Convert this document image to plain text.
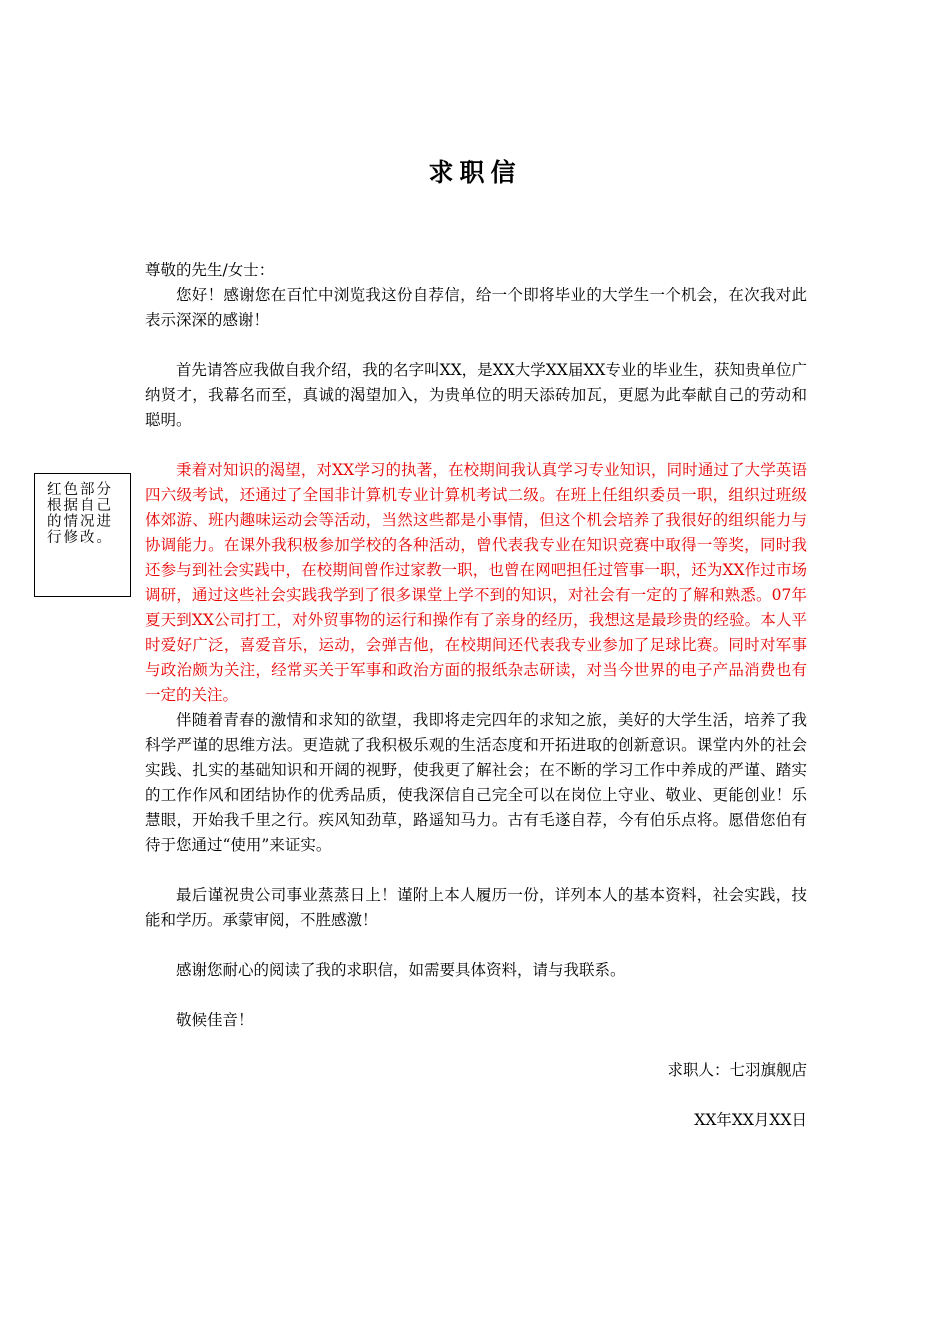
求职信
红色部分根据自己的情况进行修改。

尊敬的先生/女士：

您好！感谢您在百忙中浏览我这份自荐信，给一个即将毕业的大学生一个机会，在次我对此表示深深的感谢！

首先请答应我做自我介绍，我的名字叫XX，是XX大学XX届XX专业的毕业生，获知贵单位广纳贤才，我幕名而至，真诚的渴望加入，为贵单位的明天添砖加瓦，更愿为此奉献自己的劳动和聪明。

秉着对知识的渴望，对XX学习的执著，在校期间我认真学习专业知识，同时通过了大学英语四六级考试，还通过了全国非计算机专业计算机考试二级。在班上任组织委员一职，组织过班级体郊游、班内趣味运动会等活动，当然这些都是小事情，但这个机会培养了我很好的组织能力与协调能力。在课外我积极参加学校的各种活动，曾代表我专业在知识竞赛中取得一等奖，同时我还参与到社会实践中，在校期间曾作过家教一职，也曾在网吧担任过管事一职，还为XX作过市场调研，通过这些社会实践我学到了很多课堂上学不到的知识，对社会有一定的了解和熟悉。07年夏天到XX公司打工，对外贸事物的运行和操作有了亲身的经历，我想这是最珍贵的经验。本人平时爱好广泛，喜爱音乐，运动，会弹吉他，在校期间还代表我专业参加了足球比赛。同时对军事与政治颇为关注，经常买关于军事和政治方面的报纸杂志研读，对当今世界的电子产品消费也有一定的关注。

伴随着青春的激情和求知的欲望，我即将走完四年的求知之旅，美好的大学生活，培养了我科学严谨的思维方法。更造就了我积极乐观的生活态度和开拓进取的创新意识。课堂内外的社会实践、扎实的基础知识和开阔的视野，使我更了解社会；在不断的学习工作中养成的严谨、踏实的工作作风和团结协作的优秀品质，使我深信自己完全可以在岗位上守业、敬业、更能创业！乐慧眼，开始我千里之行。疾风知劲草，路遥知马力。古有毛遂自荐，今有伯乐点将。愿借您伯有待于您通过“使用”来证实。

最后谨祝贵公司事业蒸蒸日上！谨附上本人履历一份，详列本人的基本资料，社会实践，技能和学历。承蒙审阅，不胜感激！

感谢您耐心的阅读了我的求职信，如需要具体资料，请与我联系。

敬候佳音！

求职人：七羽旗舰店

XX年XX月XX日
